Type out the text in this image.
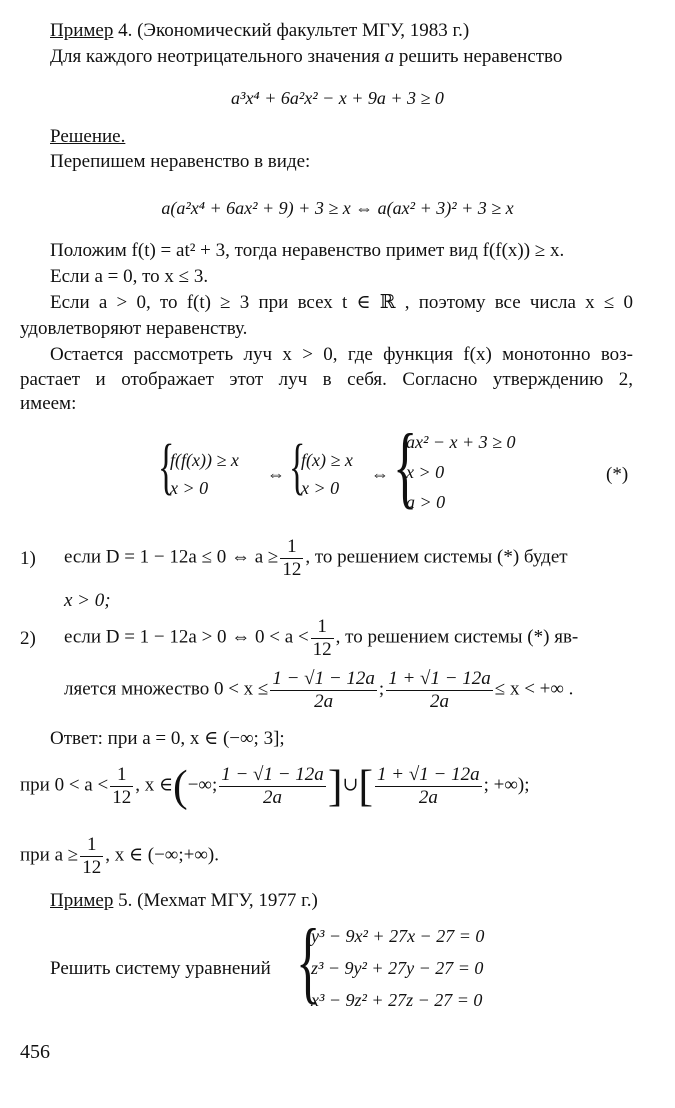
Пример 4. (Экономический факультет МГУ, 1983 г.)
Для каждого неотрицательного значения a решить неравенство
a³x⁴ + 6a²x² − x + 9a + 3 ≥ 0
Решение.
Перепишем неравенство в виде:
a(a²x⁴ + 6ax² + 9) + 3 ≥ x ⇔ a(ax² + 3)² + 3 ≥ x
Положим f(t) = at² + 3, тогда неравенство примет вид f(f(x)) ≥ x.
Если a = 0, то x ≤ 3.
Если a > 0, то f(t) ≥ 3 при всех t ∈ ℝ , поэтому все числа x ≤ 0
удовлетворяют неравенству.
Остается рассмотреть луч x > 0, где функция f(x) монотонно воз-
растает и отображает этот луч в себя. Согласно утверждению 2,
имеем:
{
f(f(x)) ≥ x
x > 0
⇔ {
f(x) ≥ x
x > 0
⇔ {
ax² − x + 3 ≥ 0
x > 0
a > 0
(*)
1) если D = 1 − 12a ≤ 0 ⇔ $a \ge \frac{1}{12}$ , то решением системы (*) будет
x > 0;
2) если D = 1 − 12a > 0 ⇔ $0 < a < \frac{1}{12}$ , то решением системы (*) яв-
ляется множество $0 < x \le \frac{1 - √1 - 12a}{2a}$ ; $\frac{1 + √1 - 12a}{2a} \le x$ < +∞ .
Ответ: при a = 0, x ∈ (−∞; 3];
при $0 < a < \frac{1}{12}$ , x ∈(−∞; $\frac{1 - √1 - 12a}{2a}$ ]∪[ $\frac{1 + √1 - 12a}{2a}$ ; +∞);
при $a \ge \frac{1}{12}$ , x ∈ (−∞;+∞).
Пример 5. (Мехмат МГУ, 1977 г.)
Решить систему уравнений {
y³ − 9x² + 27x − 27 = 0
z³ − 9y² + 27y − 27 = 0
x³ − 9z² + 27z − 27 = 0
456
